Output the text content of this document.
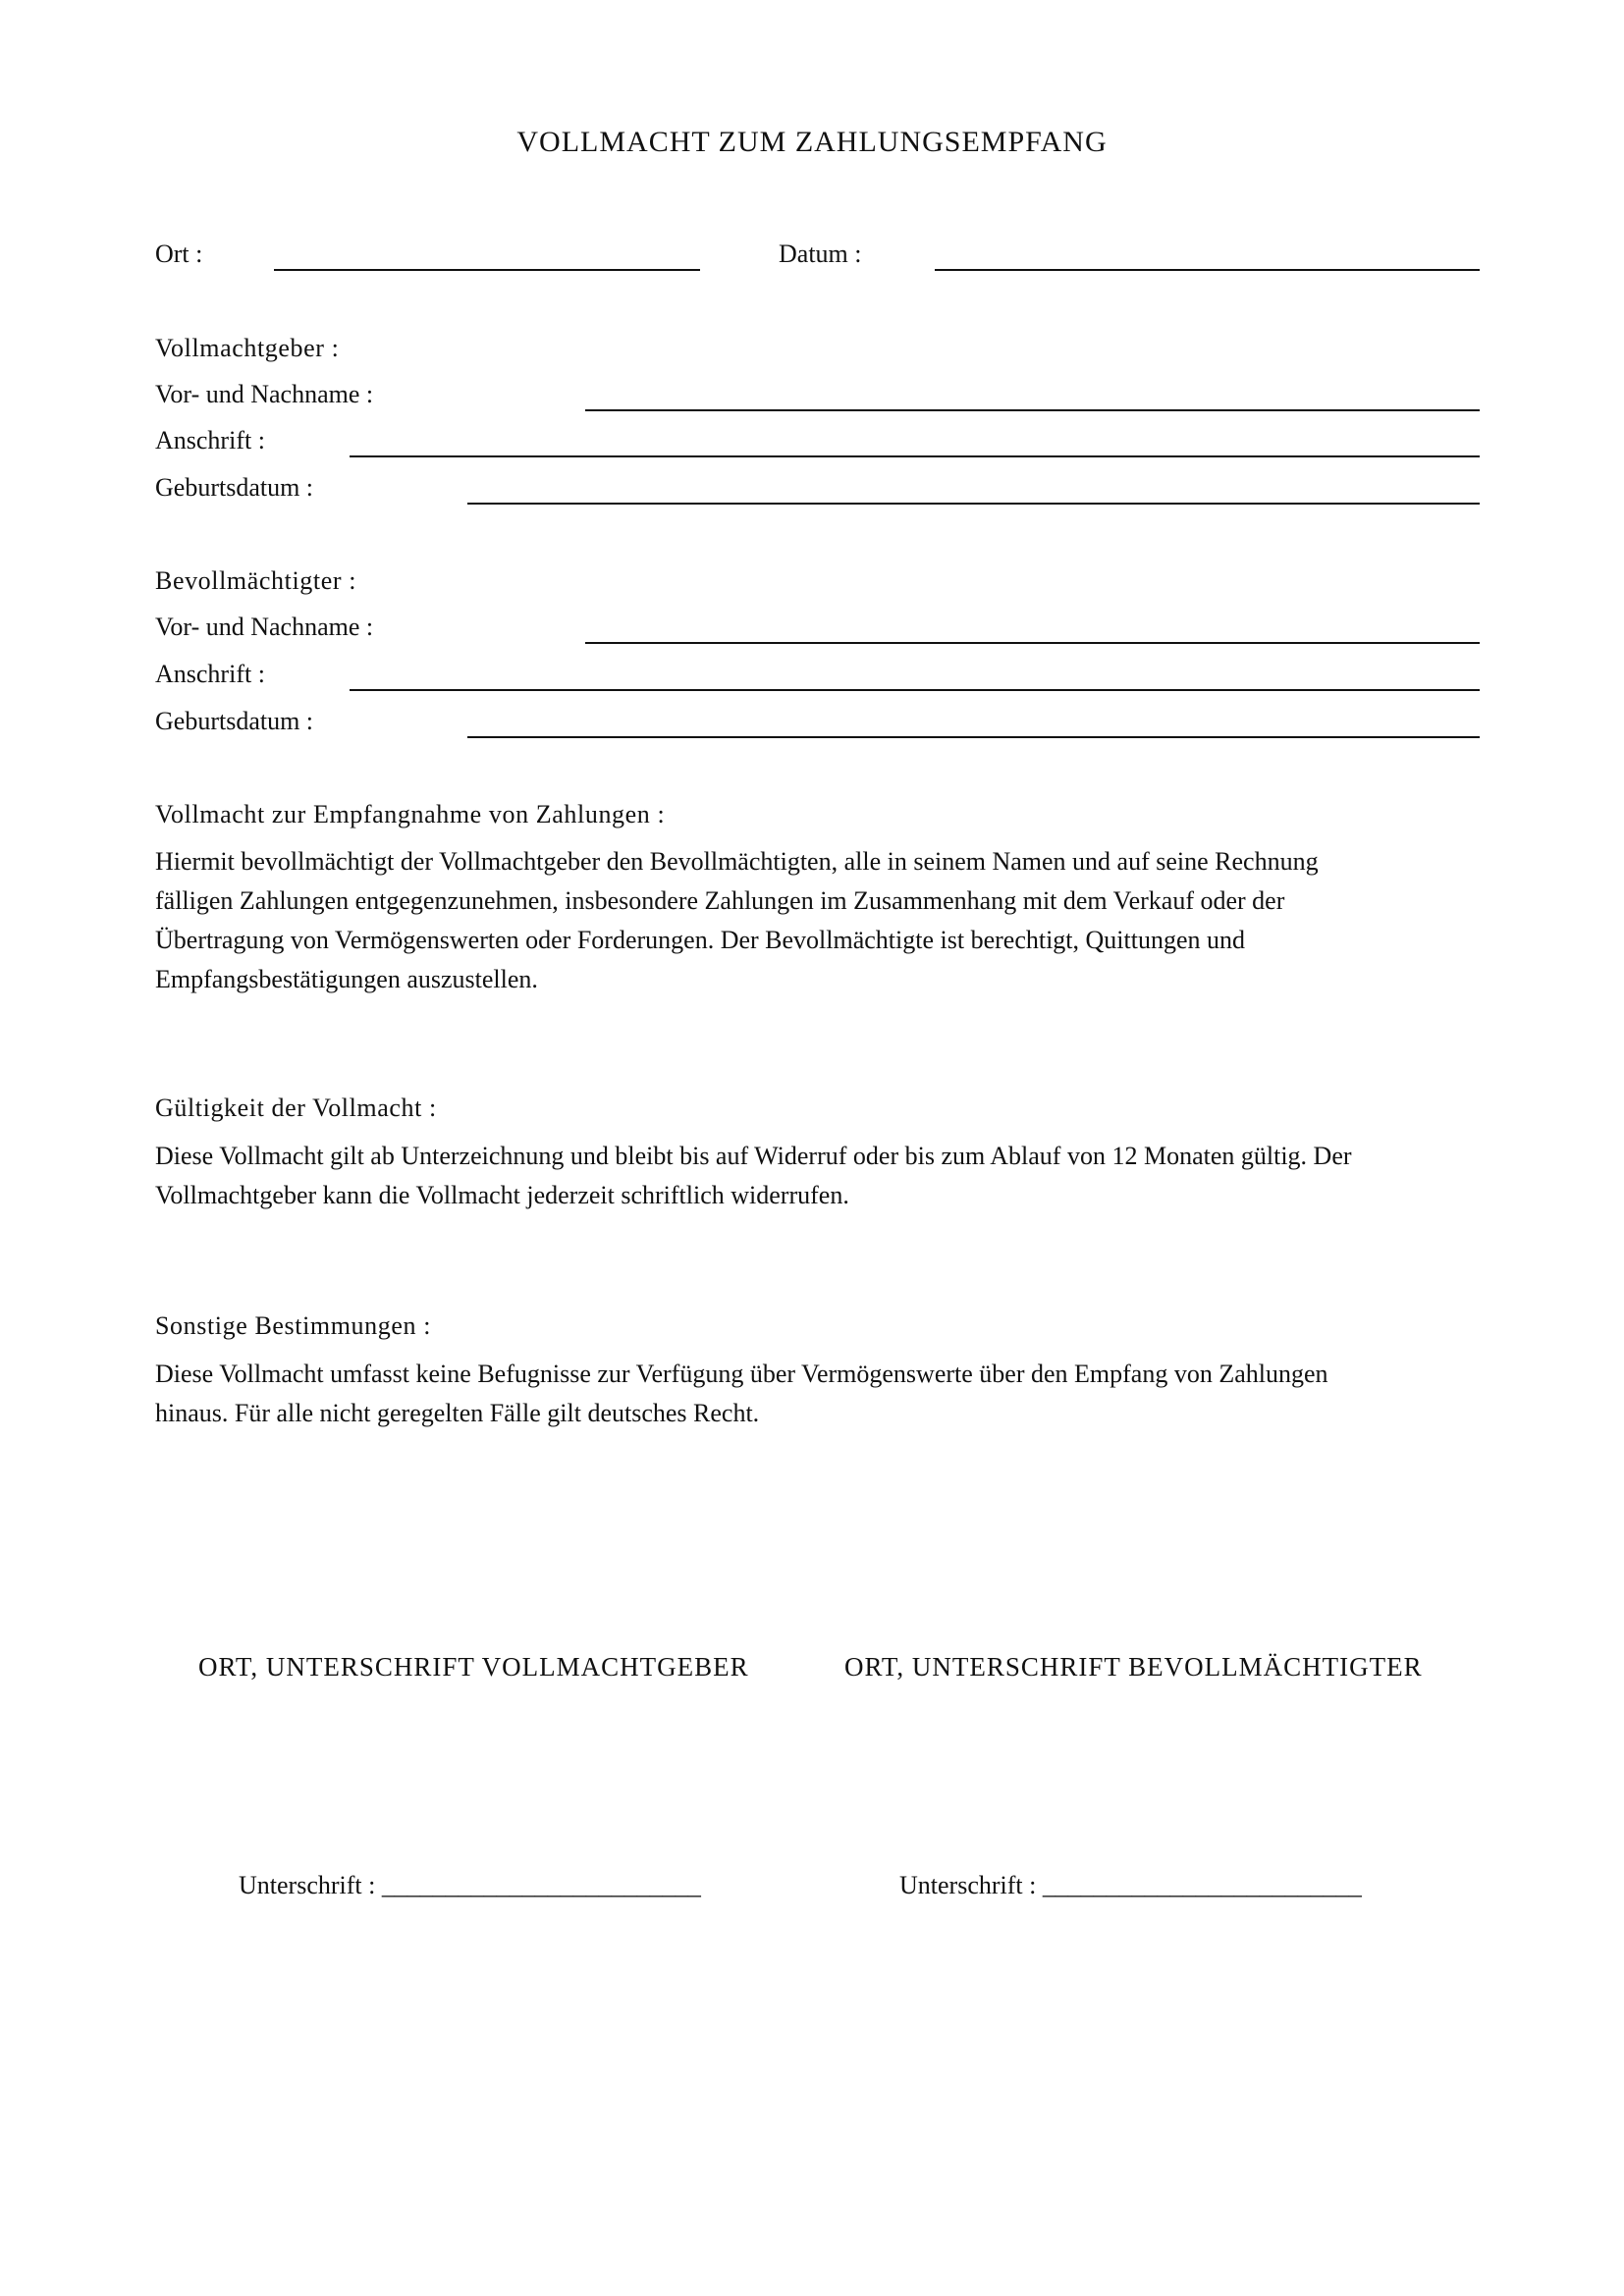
VOLLMACHT ZUM ZAHLUNGSEMPFANG
Ort :	Datum :
Vollmachtgeber :
Vor- und Nachname :
Anschrift :
Geburtsdatum :
Bevollmächtigter :
Vor- und Nachname :
Anschrift :
Geburtsdatum :
Vollmacht zur Empfangnahme von Zahlungen :
Hiermit bevollmächtigt der Vollmachtgeber den Bevollmächtigten, alle in seinem Namen und auf seine Rechnung
fälligen Zahlungen entgegenzunehmen, insbesondere Zahlungen im Zusammenhang mit dem Verkauf oder der
Übertragung von Vermögenswerten oder Forderungen. Der Bevollmächtigte ist berechtigt, Quittungen und
Empfangsbestätigungen auszustellen.
Gültigkeit der Vollmacht :
Diese Vollmacht gilt ab Unterzeichnung und bleibt bis auf Widerruf oder bis zum Ablauf von 12 Monaten gültig. Der
Vollmachtgeber kann die Vollmacht jederzeit schriftlich widerrufen.
Sonstige Bestimmungen :
Diese Vollmacht umfasst keine Befugnisse zur Verfügung über Vermögenswerte über den Empfang von Zahlungen
hinaus. Für alle nicht geregelten Fälle gilt deutsches Recht.
ORT, UNTERSCHRIFT VOLLMACHTGEBER	ORT, UNTERSCHRIFT BEVOLLMÄCHTIGTER
Unterschrift : _________________________	Unterschrift : _________________________
